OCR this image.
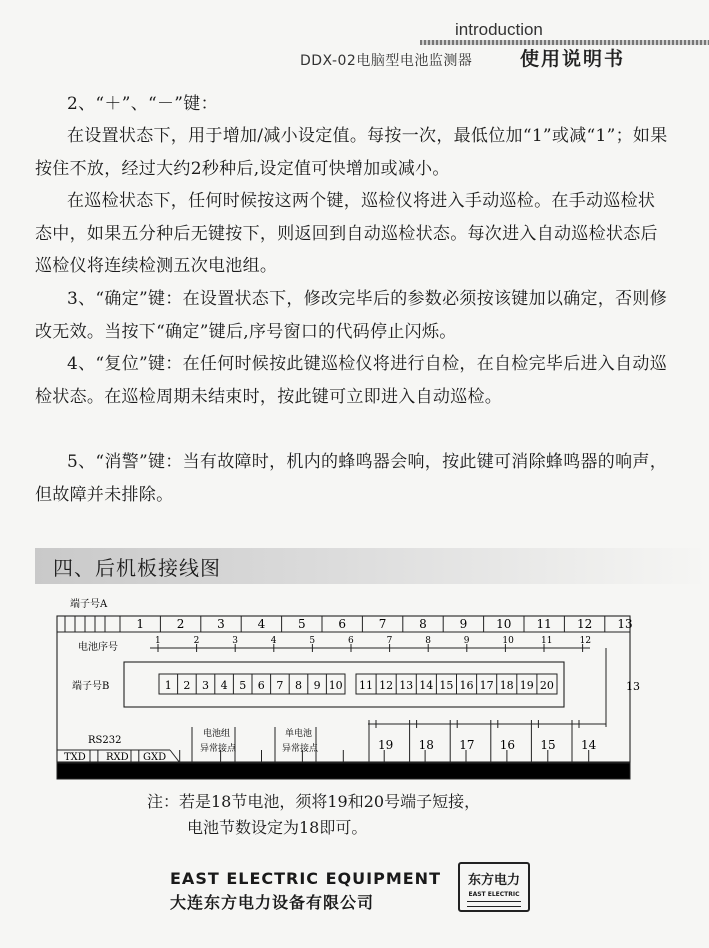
introduction
DDX-02电脑型电池监测器	使用说明书
2、“＋”、“－”键：
在设置状态下，用于增加/减小设定值。每按一次，最低位加“1”或减“1”；如果按住不放，经过大约2秒种后,设定值可快增加或减小。
在巡检状态下，任何时候按这两个键，巡检仪将进入手动巡检。在手动巡检状态中，如果五分种后无键按下，则返回到自动巡检状态。每次进入自动巡检状态后巡检仪将连续检测五次电池组。
3、“确定”键：在设置状态下，修改完毕后的参数必须按该键加以确定，否则修改无效。当按下“确定”键后,序号窗口的代码停止闪烁。
4、“复位”键：在任何时候按此键巡检仪将进行自检，在自检完毕后进入自动巡检状态。在巡检周期未结束时，按此键可立即进入自动巡检。
5、“消警”键：当有故障时，机内的蜂鸣器会响，按此键可消除蜂鸣器的响声，但故障并未排除。
四、后机板接线图
端子号A
电池序号
端子号B	13
RS232
TXD RXD GXD
电池组
异常接点
单电池
异常接点
1	2	3	4	5	6	7	8	9 10 11 12 13
1	2	3	4	5	6	7	8	9	10	11	12
1 2 3 4 5 6 7 8 9 10 11 12 13 14 15 16 17 18 19 20
19 18 17 16 15 14
27 26 25 24 23 22 21 20 19 18 17 16 15 14
注：若是18节电池，须将19和20号端子短接，
电池节数设定为18即可。
EAST ELECTRIC EQUIPMENT
大连东方电力设备有限公司
东方电力
EAST ELECTRIC
